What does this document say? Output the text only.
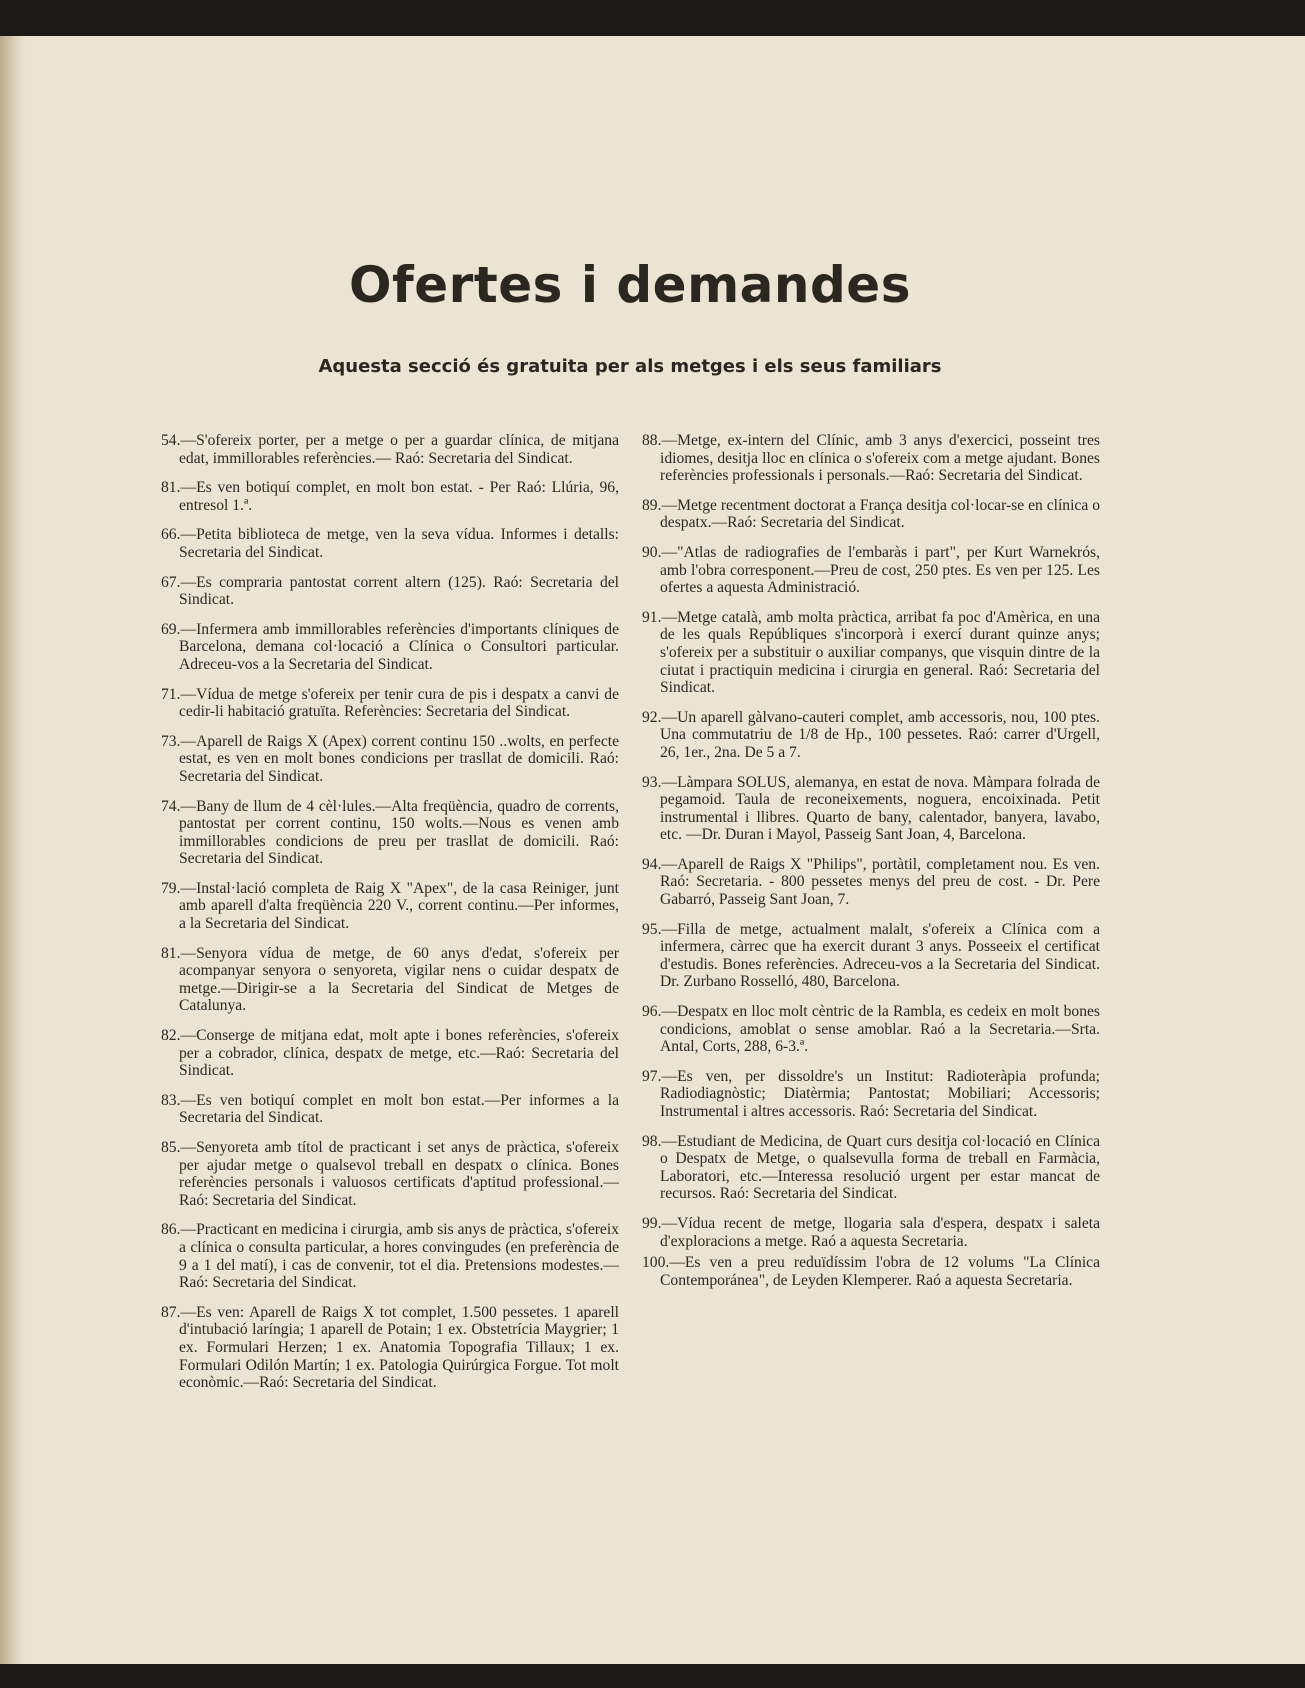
Ofertes i demandes
Aquesta secció és gratuita per als metges i els seus familiars

54.—S'ofereix porter, per a metge o per a guardar clínica, de mitjana edat, immillorables referències.— Raó: Secretaria del Sindicat.

81.—Es ven botiquí complet, en molt bon estat. - Per Raó: Llúria, 96, entresol 1.ª.

66.—Petita biblioteca de metge, ven la seva vídua. Informes i detalls: Secretaria del Sindicat.

67.—Es compraria pantostat corrent altern (125). Raó: Secretaria del Sindicat.

69.—Infermera amb immillorables referències d'importants clíniques de Barcelona, demana col·locació a Clínica o Consultori particular. Adreceu-vos a la Secretaria del Sindicat.

71.—Vídua de metge s'ofereix per tenir cura de pis i despatx a canvi de cedir-li habitació gratuïta. Referències: Secretaria del Sindicat.

73.—Aparell de Raigs X (Apex) corrent continu 150 ..wolts, en perfecte estat, es ven en molt bones condicions per trasllat de domicili. Raó: Secretaria del Sindicat.

74.—Bany de llum de 4 cèl·lules.—Alta freqüència, quadro de corrents, pantostat per corrent continu, 150 wolts.—Nous es venen amb immillorables condicions de preu per trasllat de domicili. Raó: Secretaria del Sindicat.

79.—Instal·lació completa de Raig X "Apex", de la casa Reiniger, junt amb aparell d'alta freqüència 220 V., corrent continu.—Per informes, a la Secretaria del Sindicat.

81.—Senyora vídua de metge, de 60 anys d'edat, s'ofereix per acompanyar senyora o senyoreta, vigilar nens o cuidar despatx de metge.—Dirigir-se a la Secretaria del Sindicat de Metges de Catalunya.

82.—Conserge de mitjana edat, molt apte i bones referències, s'ofereix per a cobrador, clínica, despatx de metge, etc.—Raó: Secretaria del Sindicat.

83.—Es ven botiquí complet en molt bon estat.—Per informes a la Secretaria del Sindicat.

85.—Senyoreta amb títol de practicant i set anys de pràctica, s'ofereix per ajudar metge o qualsevol treball en despatx o clínica. Bones referències personals i valuosos certificats d'aptitud professional.—Raó: Secretaria del Sindicat.

86.—Practicant en medicina i cirurgia, amb sis anys de pràctica, s'ofereix a clínica o consulta particular, a hores convingudes (en preferència de 9 a 1 del matí), i cas de convenir, tot el dia. Pretensions modestes.—Raó: Secretaria del Sindicat.

87.—Es ven: Aparell de Raigs X tot complet, 1.500 pessetes. 1 aparell d'intubació laríngia; 1 aparell de Potain; 1 ex. Obstetrícia Maygrier; 1 ex. Formulari Herzen; 1 ex. Anatomia Topografia Tillaux; 1 ex. Formulari Odilón Martín; 1 ex. Patologia Quirúrgica Forgue. Tot molt econòmic.—Raó: Secretaria del Sindicat.

88.—Metge, ex-intern del Clínic, amb 3 anys d'exercici, posseint tres idiomes, desitja lloc en clínica o s'ofereix com a metge ajudant. Bones referències professionals i personals.—Raó: Secretaria del Sindicat.

89.—Metge recentment doctorat a França desitja col·locar-se en clínica o despatx.—Raó: Secretaria del Sindicat.

90.—"Atlas de radiografies de l'embaràs i part", per Kurt Warnekrós, amb l'obra corresponent.—Preu de cost, 250 ptes. Es ven per 125. Les ofertes a aquesta Administració.

91.—Metge català, amb molta pràctica, arribat fa poc d'Amèrica, en una de les quals Repúbliques s'incorporà i exercí durant quinze anys; s'ofereix per a substituir o auxiliar companys, que visquin dintre de la ciutat i practiquin medicina i cirurgia en general. Raó: Secretaria del Sindicat.

92.—Un aparell gàlvano-cauteri complet, amb accessoris, nou, 100 ptes. Una commutatriu de 1/8 de Hp., 100 pessetes. Raó: carrer d'Urgell, 26, 1er., 2na. De 5 a 7.

93.—Làmpara SOLUS, alemanya, en estat de nova. Màmpara folrada de pegamoid. Taula de reconeixements, noguera, encoixinada. Petit instrumental i llibres. Quarto de bany, calentador, banyera, lavabo, etc. —Dr. Duran i Mayol, Passeig Sant Joan, 4, Barcelona.

94.—Aparell de Raigs X "Philips", portàtil, completament nou. Es ven. Raó: Secretaria. - 800 pessetes menys del preu de cost. - Dr. Pere Gabarró, Passeig Sant Joan, 7.

95.—Filla de metge, actualment malalt, s'ofereix a Clínica com a infermera, càrrec que ha exercit durant 3 anys. Posseeix el certificat d'estudis. Bones referències. Adreceu-vos a la Secretaria del Sindicat. Dr. Zurbano Rosselló, 480, Barcelona.

96.—Despatx en lloc molt cèntric de la Rambla, es cedeix en molt bones condicions, amoblat o sense amoblar. Raó a la Secretaria.—Srta. Antal, Corts, 288, 6-3.ª.

97.—Es ven, per dissoldre's un Institut: Radioteràpia profunda; Radiodiagnòstic; Diatèrmia; Pantostat; Mobiliari; Accessoris; Instrumental i altres accessoris. Raó: Secretaria del Sindicat.

98.—Estudiant de Medicina, de Quart curs desitja col·locació en Clínica o Despatx de Metge, o qualsevulla forma de treball en Farmàcia, Laboratori, etc.—Interessa resolució urgent per estar mancat de recursos. Raó: Secretaria del Sindicat.

99.—Vídua recent de metge, llogaria sala d'espera, despatx i saleta d'exploracions a metge. Raó a aquesta Secretaria.

100.—Es ven a preu reduïdíssim l'obra de 12 volums "La Clínica Contemporánea", de Leyden Klemperer. Raó a aquesta Secretaria.
